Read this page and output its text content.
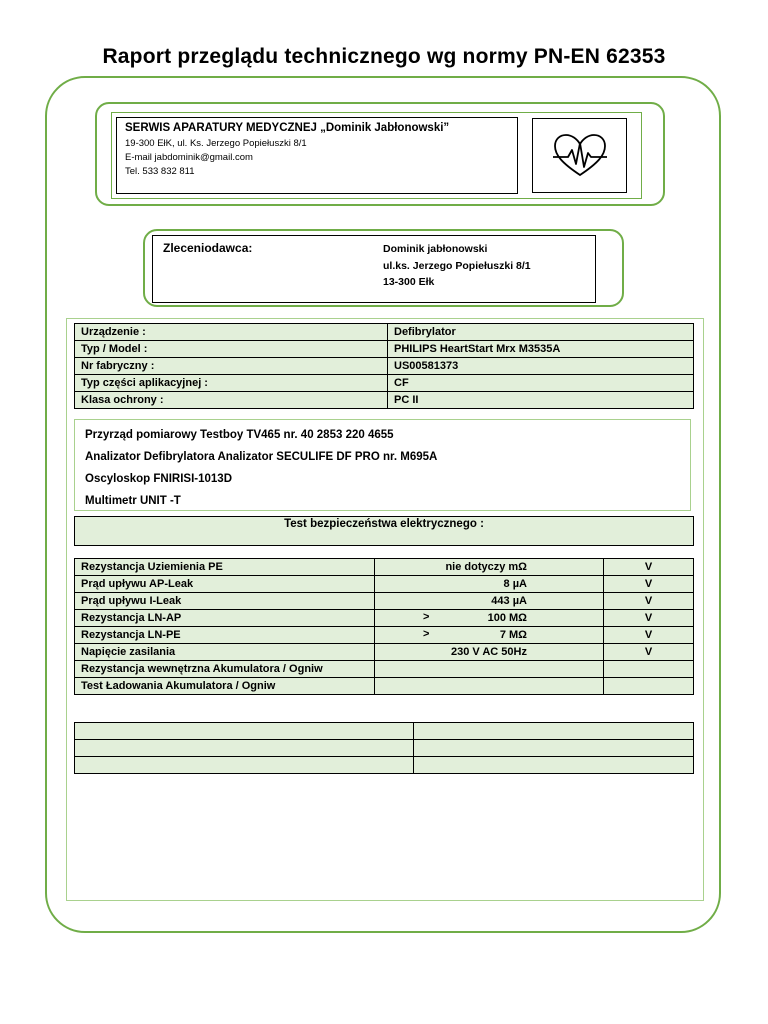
Raport przeglądu technicznego wg normy PN-EN 62353
SERWIS APARATURY MEDYCZNEJ „Dominik Jabłonowski”
19-300 EłK, ul. Ks. Jerzego Popiełuszki 8/1
E-mail jabdominik@gmail.com
Tel. 533 832 811
Zleceniodawca:	Dominik jabłonowski
ul.ks. Jerzego Popiełuszki 8/1
13-300 Ełk
Urządzenie :	Defibrylator
Typ / Model :	PHILIPS HeartStart Mrx M3535A
Nr fabryczny :	US00581373
Typ części aplikacyjnej :	CF
Klasa ochrony :	PC II
Przyrząd pomiarowy Testboy TV465 nr. 40 2853 220 4655
Analizator Defibrylatora Analizator SECULIFE DF PRO nr. M695A
Oscyloskop FNIRISI-1013D
Multimetr UNIT -T
Test bezpieczeństwa elektrycznego :
Rezystancja Uziemienia PE	nie dotyczy mΩ	V
Prąd upływu AP-Leak	8 µA	V
Prąd upływu I-Leak	443 µA	V
Rezystancja LN-AP	> 100 MΩ	V
Rezystancja LN-PE	> 7 MΩ	V
Napięcie zasilania	230 V AC 50Hz	V
Rezystancja wewnętrzna Akumulatora / Ogniw	

Test Ładowania Akumulatora / Ogniw	
